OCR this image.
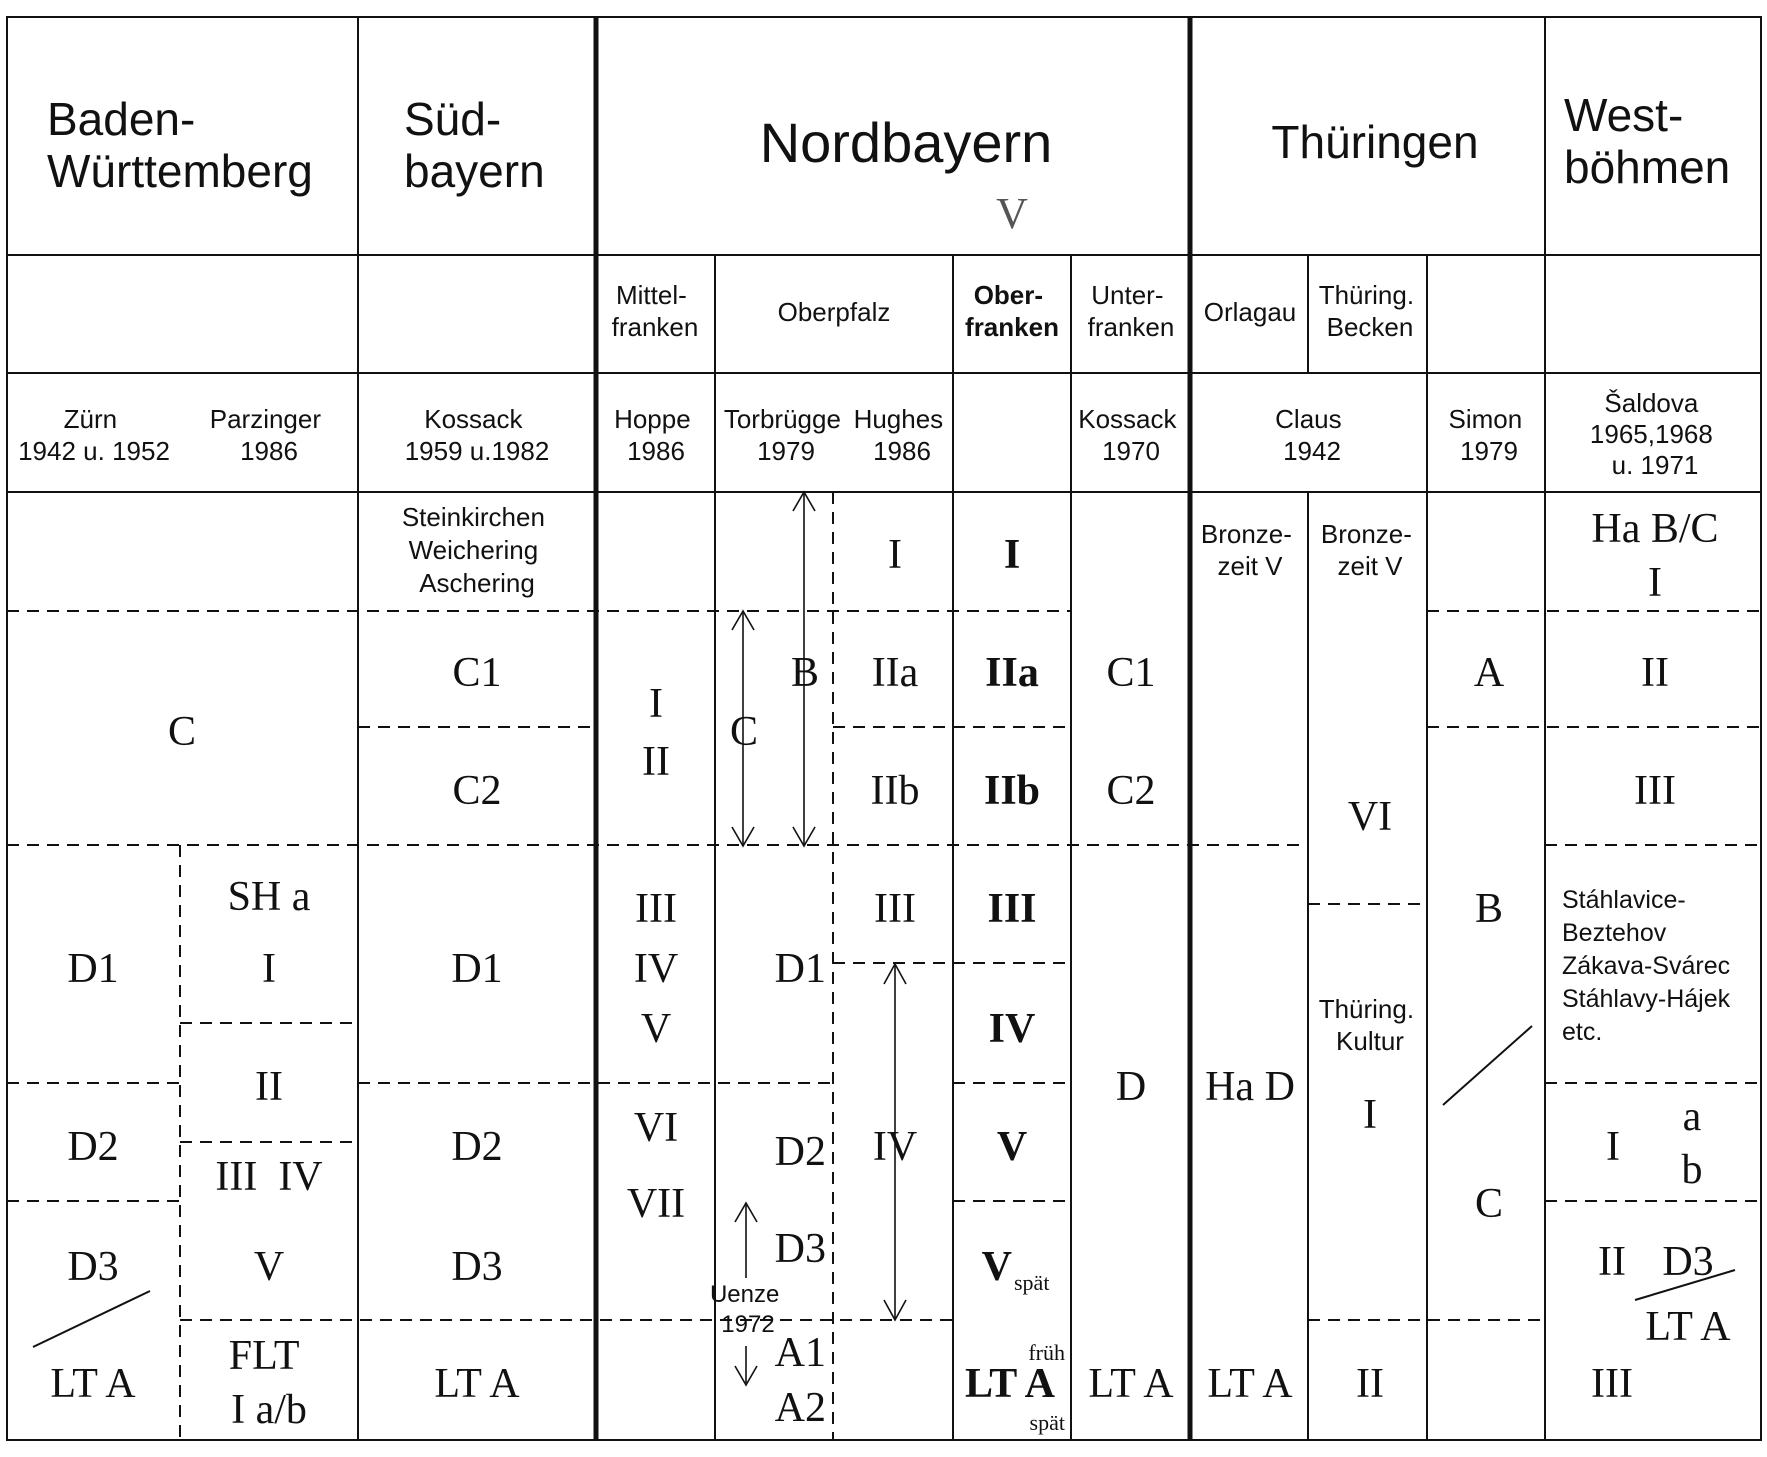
Baden- Württemberg
Süd- bayern	Nordbayern
V
Thüringen
West- böhmen
Mittel- franken	Oberpfalz
Ober- franken
Unter- franken Orlagau
Thüring. Becken
Zürn 1942 u. 1952
Parzinger 1986
Kossack 1959 u.1982
Hoppe 1986
Torbrügge 1979
Hughes 1986
Kossack 1970
Claus 1942
Simon 1979
Šaldova 1965,1968 u. 1971
C
D1
D2
D3
LT A
SH a
I
II
III  IV
V
FLT I a/b
Steinkirchen Weichering Aschering
C1
C2
D1
D2
D3
LT A
I
II
III
IV
V
VI
VII
C
B
D1
D2
D3
A1
A2
Uenze 1972
I
IIa
IIb
III
IV
I
IIa
IIb
III
IV
V
V spät
früh
LT A
spät
C1
C2
D
LT A
Bronze- zeit V
Ha D
LT A
Bronze- zeit V
VI
Thüring. Kultur
I
II
A
B
C
Ha B/C
I
II
III
Stáhlavice- Beztehov Zákava-Svárec Stáhlavy-Hájek etc.
I
a
b
II D3
LT A
III
